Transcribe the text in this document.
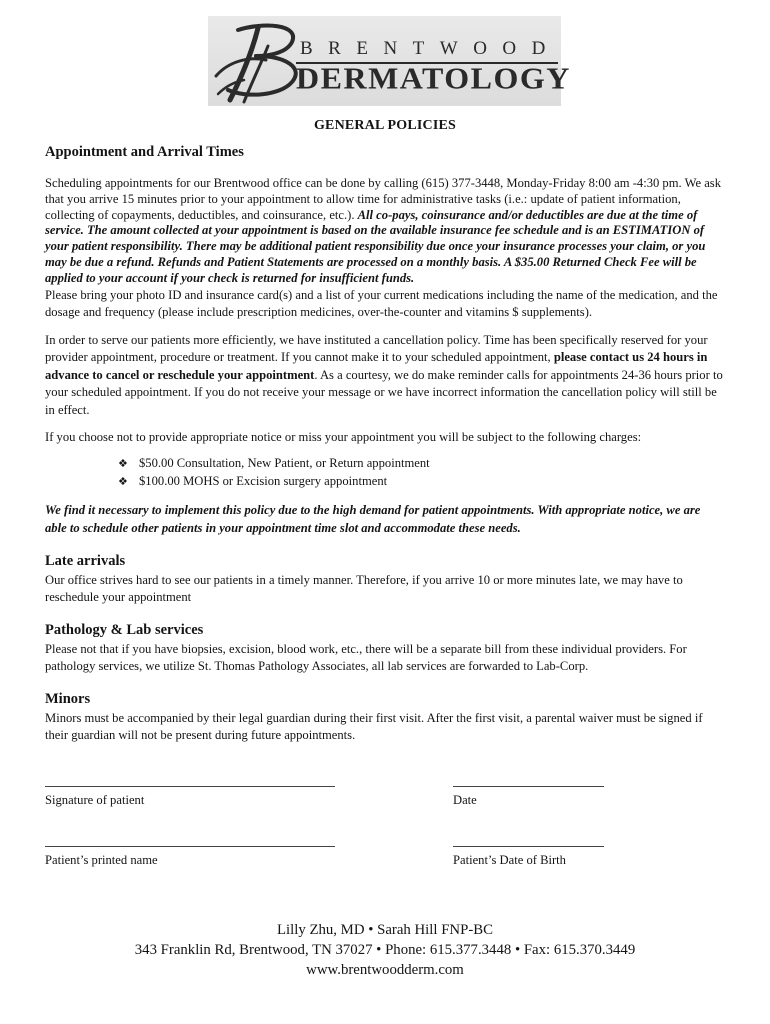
BRENTWOOD
DERMATOLOGY
GENERAL POLICIES
Appointment and Arrival Times

Scheduling appointments for our Brentwood office can be done by calling (615) 377-3448, Monday-Friday 8:00 am -4:30 pm. We ask that you arrive 15 minutes prior to your appointment to allow time for administrative tasks (i.e.: update of patient information, collecting of copayments, deductibles, and coinsurance, etc.). All co-pays, coinsurance and/or deductibles are due at the time of service. The amount collected at your appointment is based on the available insurance fee schedule and is an ESTIMATION of your patient responsibility. There may be additional patient responsibility due once your insurance processes your claim, or you may be due a refund. Refunds and Patient Statements are processed on a monthly basis. A $35.00 Returned Check Fee will be applied to your account if your check is returned for insufficient funds.

Please bring your photo ID and insurance card(s) and a list of your current medications including the name of the medication, and the dosage and frequency (please include prescription medicines, over-the-counter and vitamins $ supplements).

In order to serve our patients more efficiently, we have instituted a cancellation policy. Time has been specifically reserved for your provider appointment, procedure or treatment. If you cannot make it to your scheduled appointment, please contact us 24 hours in advance to cancel or reschedule your appointment. As a courtesy, we do make reminder calls for appointments 24-36 hours prior to your scheduled appointment. If you do not receive your message or we have incorrect information the cancellation policy will still be in effect.

If you choose not to provide appropriate notice or miss your appointment you will be subject to the following charges:

❖ $50.00 Consultation, New Patient, or Return appointment
❖ $100.00 MOHS or Excision surgery appointment

We find it necessary to implement this policy due to the high demand for patient appointments. With appropriate notice, we are able to schedule other patients in your appointment time slot and accommodate these needs.

Late arrivals

Our office strives hard to see our patients in a timely manner. Therefore, if you arrive 10 or more minutes late, we may have to reschedule your appointment

Pathology & Lab services

Please not that if you have biopsies, excision, blood work, etc., there will be a separate bill from these individual providers. For pathology services, we utilize St. Thomas Pathology Associates, all lab services are forwarded to Lab-Corp.

Minors

Minors must be accompanied by their legal guardian during their first visit. After the first visit, a parental waiver must be signed if their guardian will not be present during future appointments.

Signature of patient	Date
Patient’s printed name	Patient’s Date of Birth
Lilly Zhu, MD • Sarah Hill FNP-BC
343 Franklin Rd, Brentwood, TN 37027 • Phone: 615.377.3448 • Fax: 615.370.3449
www.brentwoodderm.com
